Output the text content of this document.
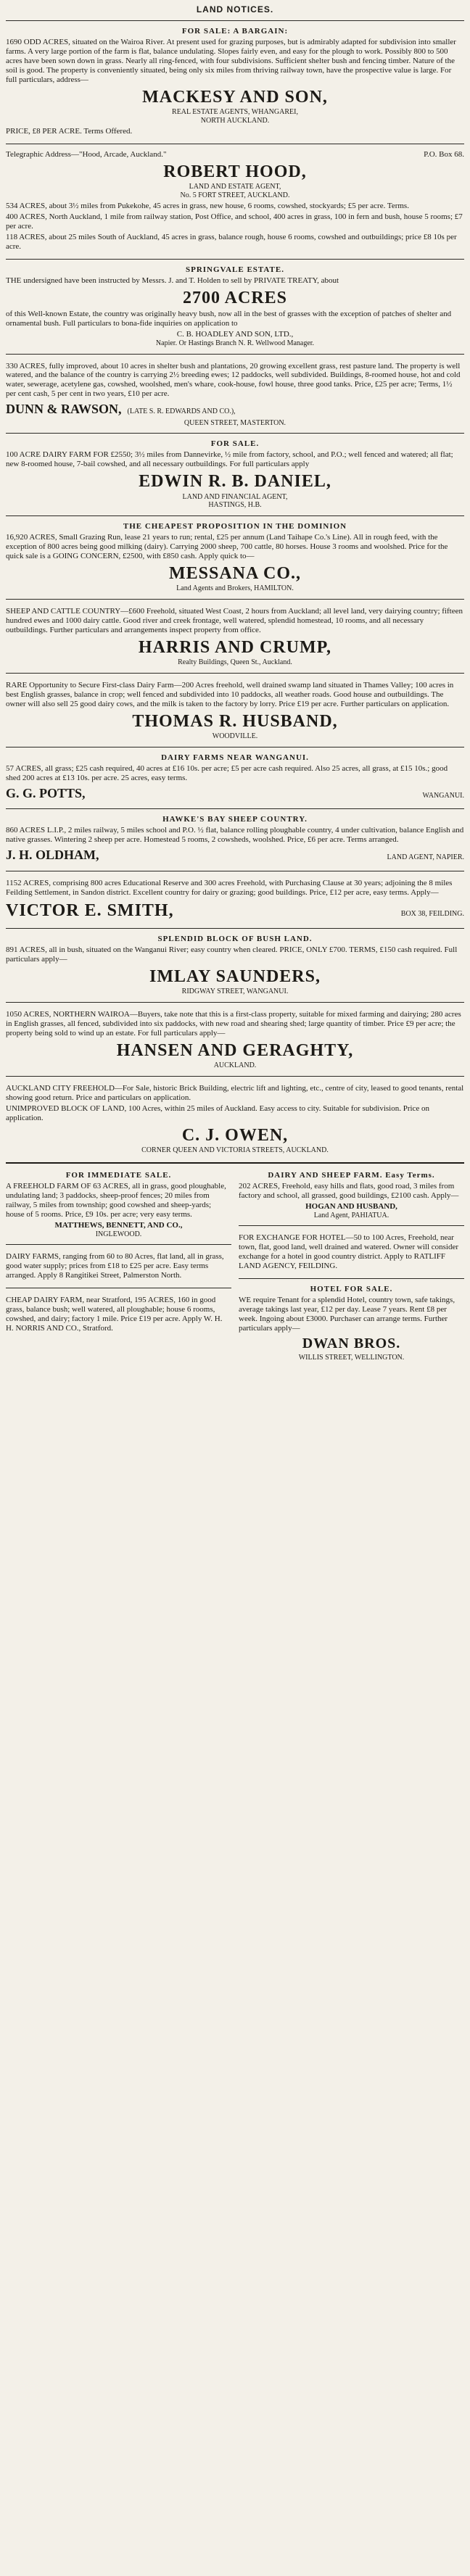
LAND NOTICES.
FOR SALE: A BARGAIN:
1690 ODD ACRES, situated on the Wairoa River. At present used for grazing purposes, but is admirably adapted for subdivision into smaller farms. A very large portion of the farm is flat, balance undulating. Slopes fairly even, and easy for the plough to work. Possibly 800 to 500 acres have been sown down in grass. Nearly all ring-fenced, with four subdivisions. Sufficient shelter bush and fencing timber. Nature of the soil is good. The property is conveniently situated, being only six miles from thriving railway town, have the prospective value is large. For full particulars, address—
MACKESY AND SON,
REAL ESTATE AGENTS, WHANGAREI,
NORTH AUCKLAND.
PRICE, £8 PER ACRE. Terms Offered.
Telegraphic Address—"Hood, Arcade, Auckland."	P.O. Box 68.
ROBERT HOOD,
LAND AND ESTATE AGENT,
No. 5 FORT STREET, AUCKLAND.
534 ACRES, about 3½ miles from Pukekohe, 45 acres in grass, new house, 6 rooms, cowshed, stockyards; £5 per acre. Terms.
400 ACRES, North Auckland, 1 mile from railway station, Post Office, and school, 400 acres in grass, 100 in fern and bush, house 5 rooms; £7 per acre.
118 ACRES, about 25 miles South of Auckland, 45 acres in grass, balance rough, house 6 rooms, cowshed and outbuildings; price £8 10s per acre.
SPRINGVALE ESTATE.
THE undersigned have been instructed by Messrs. J. and T. Holden to sell by PRIVATE TREATY, about
2700 ACRES
of this Well-known Estate, the country was originally heavy bush, now all in the best of grasses with the exception of patches of shelter and ornamental bush. Full particulars to bona-fide inquiries on application to
C. B. HOADLEY AND SON, LTD.,
Napier. Or Hastings Branch N. R. Wellwood Manager.
330 ACRES, fully improved, about 10 acres in shelter bush and plantations, 20 growing excellent grass, rest pasture land. The property is well watered, and the balance of the country is carrying 2½ breeding ewes; 12 paddocks, well subdivided. Buildings, 8-roomed house, hot and cold water, sewerage, acetylene gas, cowshed, woolshed, men's whare, cook-house, fowl house, three good tanks. Price, £25 per acre; Terms, 1½ per cent cash, 5 per cent in two years, £10 per acre.
DUNN & RAWSON, (LATE S. R. EDWARDS AND CO.),
QUEEN STREET, MASTERTON.
FOR SALE.
100 ACRE DAIRY FARM FOR £2550; 3½ miles from Dannevirke, ½ mile from factory, school, and P.O.; well fenced and watered; all flat; new 8-roomed house, 7-bail cowshed, and all necessary outbuildings. For full particulars apply
EDWIN R. B. DANIEL,
LAND AND FINANCIAL AGENT,
HASTINGS, H.B.
THE CHEAPEST PROPOSITION IN THE DOMINION
16,920 ACRES, Small Grazing Run, lease 21 years to run; rental, £25 per annum (Land Taihape Co.'s Line). All in rough feed, with the exception of 800 acres being good milking (dairy). Carrying 2000 sheep, 700 cattle, 80 horses. House 3 rooms and woolshed. Price for the quick sale is a GOING CONCERN, £2500, with £850 cash. Apply quick to—
MESSANA CO.,
Land Agents and Brokers, HAMILTON.
SHEEP AND CATTLE COUNTRY—£600 Freehold, situated West Coast, 2 hours from Auckland; all level land, very dairying country; fifteen hundred ewes and 1000 dairy cattle. Good river and creek frontage, well watered, splendid homestead, 10 rooms, and all necessary outbuildings. Further particulars and arrangements inspect property from office.
HARRIS AND CRUMP,
Realty Buildings, Queen St., Auckland.
RARE Opportunity to Secure First-class Dairy Farm—200 Acres freehold, well drained swamp land situated in Thames Valley; 100 acres in best English grasses, balance in crop; well fenced and subdivided into 10 paddocks, all weather roads. Good house and outbuildings. The owner will also sell 25 good dairy cows, and the milk is taken to the factory by lorry. Price £19 per acre. Further particulars on application.
THOMAS R. HUSBAND,
WOODVILLE.
DAIRY FARMS NEAR WANGANUI.
57 ACRES, all grass; £25 cash required, 40 acres at £16 10s. per acre; £5 per acre cash required. Also 25 acres, all grass, at £15 10s.; good shed 200 acres at £13 10s. per acre. 25 acres, easy terms.
G. G. POTTS,	WANGANUI.
HAWKE'S BAY SHEEP COUNTRY.
860 ACRES L.I.P., 2 miles railway, 5 miles school and P.O. ½ flat, balance rolling ploughable country, 4 under cultivation, balance English and native grasses. Wintering 2 sheep per acre. Homestead 5 rooms, 2 cowsheds, woolshed. Price, £6 per acre. Terms arranged.
J. H. OLDHAM,	LAND AGENT, NAPIER.
1152 ACRES, comprising 800 acres Educational Reserve and 300 acres Freehold, with Purchasing Clause at 30 years; adjoining the 8 miles Feilding Settlement, in Sandon district. Excellent country for dairy or grazing; good buildings. Price, £12 per acre, easy terms. Apply—
VICTOR E. SMITH,	BOX 38, FEILDING.
SPLENDID BLOCK OF BUSH LAND.
891 ACRES, all in bush, situated on the Wanganui River; easy country when cleared. PRICE, ONLY £700. TERMS, £150 cash required. Full particulars apply—
IMLAY SAUNDERS,
RIDGWAY STREET, WANGANUI.
1050 ACRES, NORTHERN WAIROA—Buyers, take note that this is a first-class property, suitable for mixed farming and dairying; 280 acres in English grasses, all fenced, subdivided into six paddocks, with new road and shearing shed; large quantity of timber. Price £9 per acre; the property being sold to wind up an estate. For full particulars apply—
HANSEN AND GERAGHTY,
AUCKLAND.
AUCKLAND CITY FREEHOLD—For Sale, historic Brick Building, electric lift and lighting, etc., centre of city, leased to good tenants, rental showing good return. Price and particulars on application.
UNIMPROVED BLOCK OF LAND, 100 Acres, within 25 miles of Auckland. Easy access to city. Suitable for subdivision. Price on application.
C. J. OWEN,
CORNER QUEEN AND VICTORIA STREETS, AUCKLAND.
FOR IMMEDIATE SALE.
A FREEHOLD FARM OF 63 ACRES, all in grass, good ploughable, undulating land; 3 paddocks, sheep-proof fences; 20 miles from railway, 5 miles from township; good cowshed and sheep-yards; house of 5 rooms. Price, £9 10s. per acre; very easy terms.
MATTHEWS, BENNETT, AND CO.,
INGLEWOOD.
DAIRY FARMS, ranging from 60 to 80 Acres, flat land, all in grass, good water supply; prices from £18 to £25 per acre. Easy terms arranged. Apply 8 Rangitikei Street, Palmerston North.
CHEAP DAIRY FARM, near Stratford, 195 ACRES, 160 in good grass, balance bush; well watered, all ploughable; house 6 rooms, cowshed, and dairy; factory 1 mile. Price £19 per acre. Apply W. H. H. NORRIS AND CO., Stratford.
DAIRY AND SHEEP FARM. Easy Terms.
202 ACRES, Freehold, easy hills and flats, good road, 3 miles from factory and school, all grassed, good buildings, £2100 cash. Apply—
HOGAN AND HUSBAND,
Land Agent, PAHIATUA.
FOR EXCHANGE FOR HOTEL—50 to 100 Acres, Freehold, near town, flat, good land, well drained and watered. Owner will consider exchange for a hotel in good country district. Apply to RATLIFF LAND AGENCY, FEILDING.
HOTEL FOR SALE.
WE require Tenant for a splendid Hotel, country town, safe takings, average takings last year, £12 per day. Lease 7 years. Rent £8 per week. Ingoing about £3000. Purchaser can arrange terms. Further particulars apply—
DWAN BROS.
WILLIS STREET, WELLINGTON.
